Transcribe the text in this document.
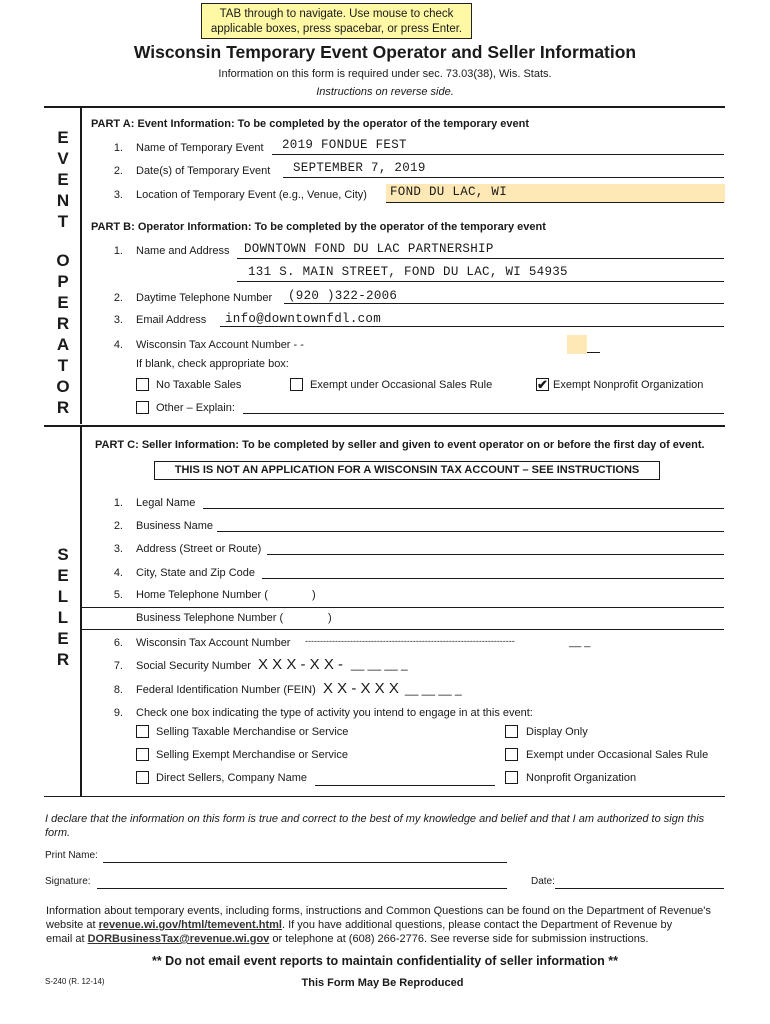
TAB through to navigate. Use mouse to check applicable boxes, press spacebar, or press Enter.
Wisconsin Temporary Event Operator and Seller Information
Information on this form is required under sec. 73.03(38), Wis. Stats.
Instructions on reverse side.
E
V
E
N
T
O
P
E
R
A
T
O
R
PART A: Event Information: To be completed by the operator of the temporary event
1. Name of Temporary Event 2019 FONDUE FEST
2. Date(s) of Temporary Event SEPTEMBER 7, 2019
3. Location of Temporary Event (e.g., Venue, City) FOND DU LAC, WI
PART B: Operator Information: To be completed by the operator of the temporary event
1. Name and Address DOWNTOWN FOND DU LAC PARTNERSHIP
131 S. MAIN STREET, FOND DU LAC, WI 54935
2. Daytime Telephone Number (920 )322-2006
3. Email Address info@downtownfdl.com
4. Wisconsin Tax Account Number - -
If blank, check appropriate box:
No Taxable Sales	Exempt under Occasional Sales Rule	✔ Exempt Nonprofit Organization
Other – Explain:
S
E
L
L
E
R
PART C: Seller Information: To be completed by seller and given to event operator on or before the first day of event.
THIS IS NOT AN APPLICATION FOR A WISCONSIN TAX ACCOUNT – SEE INSTRUCTIONS
1. Legal Name
2. Business Name
3. Address (Street or Route)
4. City, State and Zip Code
5. Home Telephone Number (	)
Business Telephone Number (	)
6. Wisconsin Tax Account Number ----------------------------------------------------------------------	__ _
7. Social Security Number X X X - X X - __ __ __ _
8. Federal Identification Number (FEIN) X X - X X X __ __ __ _
9. Check one box indicating the type of activity you intend to engage in at this event:
Selling Taxable Merchandise or Service	Display Only
Selling Exempt Merchandise or Service	Exempt under Occasional Sales Rule
Direct Sellers, Company Name	Nonprofit Organization
I declare that the information on this form is true and correct to the best of my knowledge and belief and that I am authorized to sign this form.
Print Name:
Signature:	Date:
Information about temporary events, including forms, instructions and Common Questions can be found on the Department of Revenue's
website at revenue.wi.gov/html/temevent.html. If you have additional questions, please contact the Department of Revenue by
email at DORBusinessTax@revenue.wi.gov or telephone at (608) 266-2776. See reverse side for submission instructions.
** Do not email event reports to maintain confidentiality of seller information **
S-240 (R. 12-14)	This Form May Be Reproduced
